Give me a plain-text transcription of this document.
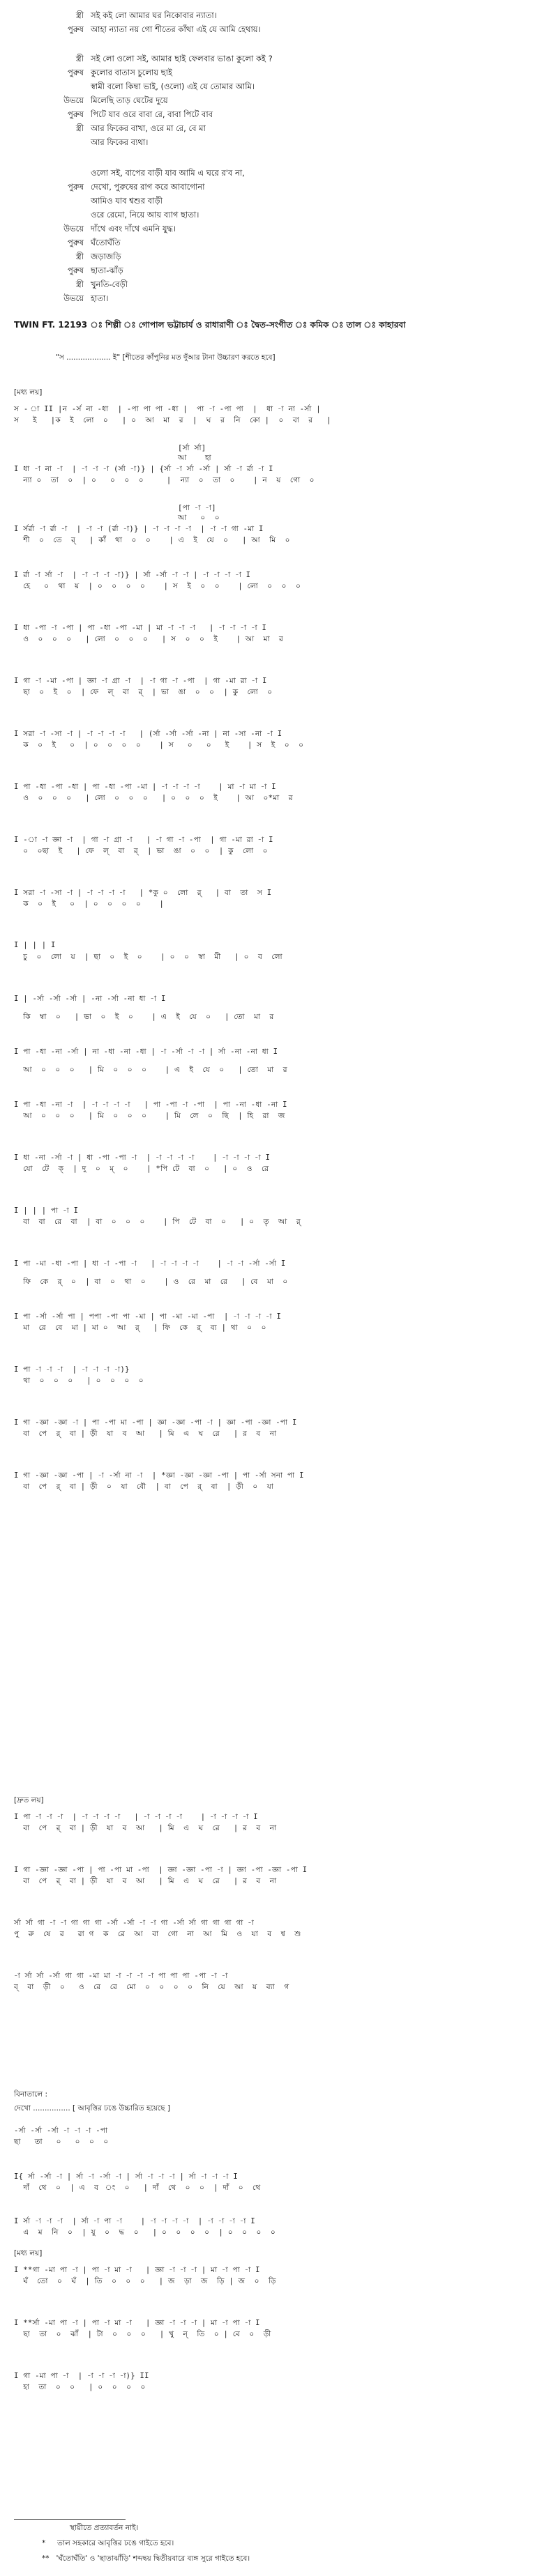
স্ত্রী সই কই লো আমার ঘর নিকোবার ন্যাতা।
পুরুষ আহা ন্যাতা নয় গো শীতের কাঁথা এই যে আমি হেথায়।
স্ত্রী সই লো ওলো সই, আমার ছাই ফেলবার ভাঙা কুলো কই ?
পুরুষ কুলোর বাতাস চুলোয় ছাই
স্বামী বলো কিম্বা ভাই, (ওলো) এই যে তোমার আমি।
উভয়ে মিলেছি তাড় ঘেটের দুয়ে
পুরুষ পিটে যাব ওরে বাবা রে, বাবা পিটে বাব
স্ত্রী আর ফিকের বাখা, ওরে মা রে, বে মা
আর ফিকের ব্যথা।
ওলো সই, বাপের বাড়ী যাব আমি এ ঘরে র'ব না,
পুরুষ দেখো, পুরুষের রাগ করে আবাগোনা
আমিও যাব শ্বশুর বাড়ী
ওরে রেমো, নিয়ে আয় ব্যাগ ছাতা।
উভয়ে দাঁথে এবং দাঁথে এমনি যুদ্ধ।
পুরুষ ঘঁতোঘঁতি
স্ত্রী জড়াজড়ি
পুরুষ ছাতা-ঝাঁড়
স্ত্রী খুনতি-বেড়ী
উভয়ে হাতা।
TWIN FT. 12193 ঃ শিল্পী ঃ গোপাল ভট্টাচার্য ও রাধারাণী ঃ দ্বৈত-সংগীত ঃ কমিক ঃ তাল ঃ কাহারবা
"স ................... ই" [শীতের কাঁপুনির মত দুঁআর টানা উচ্চারণ করতে হবে]
[মধ্য লয়]
স - া II |ন -র্স না -ধা  | -পা পা পা -ধা |  পা -া -পা পা  |  ধা -া না -র্সা |
স   ই   |ক  ই  লো  ০   | ০  আ  মা  র  |  ঘ  র  নি  কো |  ০  বা  র   |
[র্সা র্সা]
আ    হা
I ধা -া না -া  | -া -া -া (র্সা -া)} | {র্সা -া র্সা -র্সা | র্সা -া র্রা -া I
ন্যা ০  তা  ০  | ০   ০  ০  ০     |  ন্যা  ০  তা  ০    | ন  য়  গো  ০
[পা -া -া]
আ   ০  ০
I র্সর্রা -া র্রা -া  | -া -া (র্রা -া)} | -া -া -া -া  | -া -া গা -মা I
শী  ০  তে  র্   | কাঁ  থা  ০  ০    | এ  ই  যে  ০   | আ  মি  ০
I র্রা -া র্সা -া  | -া -া -া -া)} | র্সা -র্সা -া -া | -া -া -া -া I
হে   ০  থা  য়  | ০  ০  ০  ০    | স  ই  ০  ০    | লো  ০  ০  ০
I ধা -পা -া -পা | পা -ধা -পা -মা | মা -া -া -া   | -া -া -া -া I
ও  ০  ০  ০   | লো  ০  ০  ০   | স  ০  ০  ই    | আ  মা  র
I গা -া -মা -পা | জ্ঞা -া গ্রা -া  | -া গা -া -পা  | গা -মা রা -া I
ছা  ০  ই  ০  | ফে  ল্  বা  র্  | ভা  ঙা  ০  ০  | কু  লো  ০
I সরা -া -সা -া | -া -া -া -া   | (র্সা -র্সা -র্সা -না | না -সা -না -া I
ক  ০  ই   ০  | ০  ০  ০  ০    | স   ০   ০   ই    | স  ই  ০  ০
I পা -ধা -পা -ধা | পা -ধা -পা -মা | -া -া -া -া    | মা -া মা -া I
ও  ০  ০  ০   | লো  ০  ০  ০   | ০  ০  ০  ই    | আ  ০*মা  র
I -া -া জ্ঞা -া  | গা -া গ্রা -া   | -া গা -া -পা  | গা -মা রা -া I
০  ০ছা  ই   | ফে  ল্  বা  র্  | ভা  ঙা  ০  ০  | কু  লো  ০
I সরা -া -সা -া | -া -া -া -া   | *কু ০  লো  র্   | বা  তা  স I
ক  ০  ই   ০  | ০  ০  ০  ০    |
I | | | I
চু  ০  লো  য়  | ছা  ০  ই  ০    | ০  ০  স্বা  মী   | ০  ব  লো
I | -র্সা -র্সা -র্সা | -না -র্সা -না ধা -া I
কি  ম্বা  ০   | ভা  ০  ই  ০    | এ  ই  যে  ০   | তো  মা  র
I পা -ধা -না -র্সা | না -ধা -না -ধা | -া -র্সা -া -া | র্সা -না -না ধা I
আ  ০  ০  ০   | মি  ০  ০  ০    | এ  ই  যে  ০   | তো  মা  র
I পা -ধা -না -া  | -া -া -া -া   | পা -পা -া -পা  | পা -না -ধা -না I
আ  ০  ০  ০   | মি  ০  ০  ০    | মি  লে  ০  ছি  | হি  রা  জ
I ধা -না -র্সা -া | ধা -পা -পা -া  | -া -া -া -া    | -া -া -া -া I
যো  টে  ক্  | দু  ০  ম্  ০    | *পি টে  বা  ০   | ০  ও  রে
I | | | পা -া I
বা  বা  রে  বা  | বা  ০  ০  ০    | পি  টে  বা  ০   | ০  তৃ  আ  র্
I পা -মা -ধা -পা | ধা -া -পা -া   | -া -া -া -া    | -া -া -র্সা -র্সা I
ফি  কে  র্  ০  | বা  ০  থা  ০    | ও  রে  মা  রে   | বে  মা  ০
I পা -র্সা -র্সা পা | পপা -পা পা -মা | পা -মা -মা -পা  | -া -া -া -া I
মা  রে  বে  মা | মা ০  আ  র্   | ফি  কে  র্  ব্য | থা  ০  ০
I পা -া -া -া  | -া -া -া -া)}
থা  ০  ০  ০   | ০  ০  ০  ০
I গা -জ্ঞা -জ্ঞা -া | পা -পা মা -পা | জ্ঞা -জ্ঞা -পা -া | জ্ঞা -পা -জ্ঞা -পা I
বা  পে  র্  বা | ড়ী  যা  ব  আ   | মি  এ  ঘ  রে   | র  ব  না
I গা -জ্ঞা -জ্ঞা -পা | -া -র্সা না -া  | *জ্ঞা -জ্ঞা -জ্ঞা -পা | পা -র্সা সনা পা I
বা  পে  র্  বা | ড়ী  ০  যা  বৌ  | বা  পে  র্  বা  | ড়ী  ০  যা
I পা -া -া -া  | -া -া -া -া   | -া -া -া -া    | -া -া -া -া I
বা  পে  র্  বা | ড়ী  যা  ব  আ   | মি  এ  ঘ  রে   | র  ব  না
I গা -জ্ঞা -জ্ঞা -পা | পা -পা মা -পা  | জ্ঞা -জ্ঞা -পা -া | জ্ঞা -পা -জ্ঞা -পা I
বা  পে  র্  বা | ড়ী  যা  ব  আ   | মি  এ  ঘ  রে   | র  ব  না
র্সা র্সা গা -া -া গা গা গা -র্সা -র্সা -া -া গা -র্সা র্সা গা গা গা গা -া
পু  রু  ষে  র   রা গ  ক  রে  আ  বা  গো  না  আ  মি  ও  যা  ব  শ্ব  শু
-া র্সা র্সা -র্সা গা গা -মা মা -া -া -া -া পা পা পা -পা -া -া
ব্  বা  ড়ী  ০   ও  রে  রে  মো  ০  ০  ০  ০  নি  য়ে  আ  য়  ব্যা  গ
-র্সা -র্সা -র্সা -া -া -া -পা
ছা   তা   ০   ০  ০  ০
I{ র্সা -র্সা -া | র্সা -া -র্সা -া | র্সা -া -া -া | র্সা -া -া -া I
দাঁ  থে  ০  | এ  ব  ং  ০   | দাঁ  থে  ০  ০  | দাঁ  ০  থে
I র্সা -া -া -া  | র্সা -া পা -া    | -া -া -া -া  | -া -া -া -া I
এ  ম  নি  ০  | যু  ০  দ্ধ  ০   | ০  ০  ০  ০  | ০  ০  ০  ০
I **গা -মা পা -া | পা -া মা -া   | জ্ঞা -া -া -া | মা -া পা -া I
ঘঁ  তো  ০  ঘঁ  | তি  ০  ০  ০   | জ  ড়া  জ  ড়ি | জ  ০  ড়ি
I **র্সা -মা পা -া | পা -া মা -া   | জ্ঞা -া -া -া | মা -া পা -া I
ছা  তা  ০  ঝাঁ  | টা  ০  ০  ০   | খু  ন্  তি  ০ | বে  ০  ড়ী
I গা -মা পা -া  | -া -া -া -া)} II
হা  তা  ০  ০   | ০  ০  ০  ০
[দ্রুত লয়]
বিনাতালে :
দেখো ................ [ আবৃত্তির ঢঙে উচ্চারিত হয়েছে ]
[মধ্য লয়]
স্থায়ীতে প্রত্যাবর্তন নাই।
*     তাল সহকারে আবৃত্তির ঢঙে গাইতে হবে।
**   'ঘঁতোঘঁতি' ও 'ছাতাঝাঁড়ি' শব্দদ্বয় দ্বিতীয়বারে ব্যঙ্গ সুরে গাইতে হবে।
